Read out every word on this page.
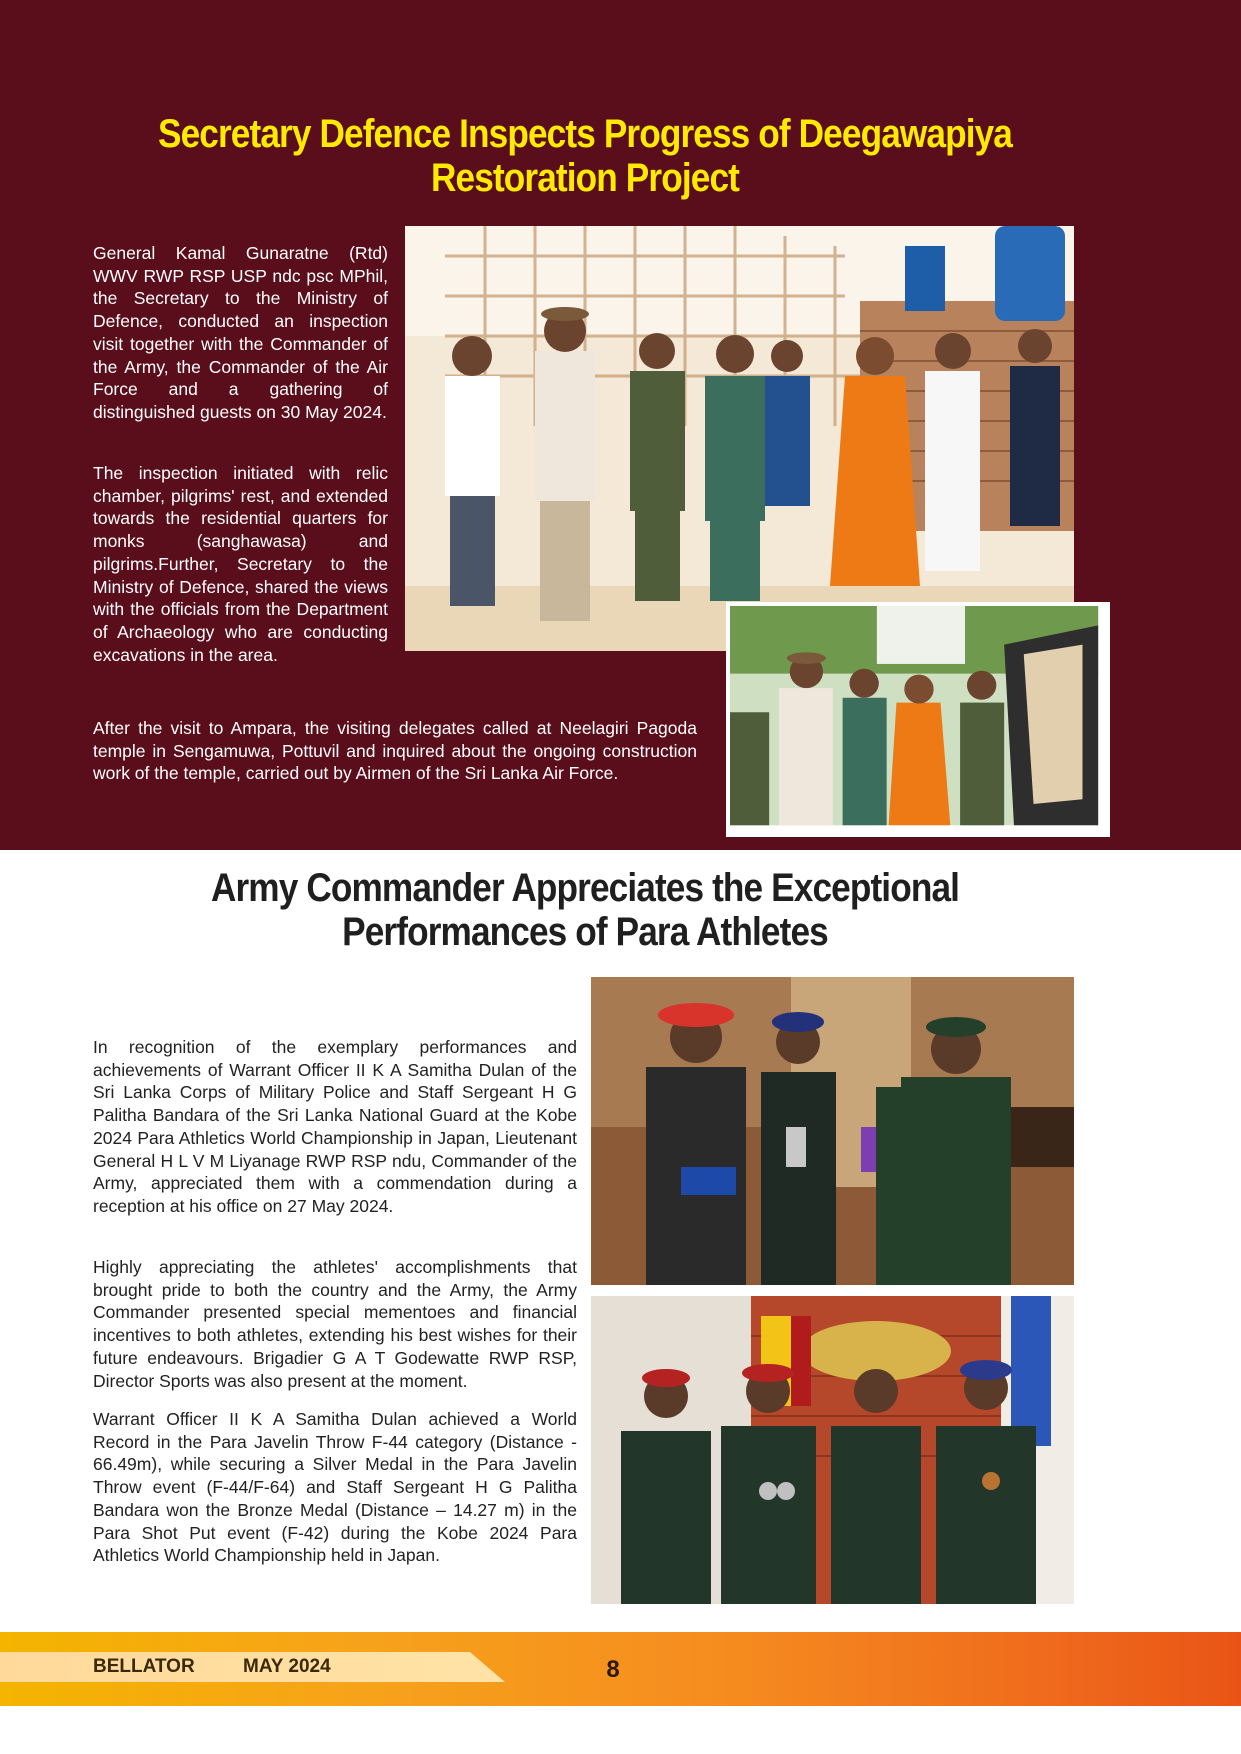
Secretary Defence Inspects Progress of Deegawapiya
Restoration Project

General Kamal Gunaratne (Rtd) WWV RWP RSP USP ndc psc MPhil, the Secretary to the Ministry of Defence, conducted an inspection visit together with the Commander of the Army, the Commander of the Air Force and a gathering of distinguished guests on 30 May 2024.

The inspection initiated with relic chamber, pilgrims' rest, and extended towards the residential quarters for monks (sanghawasa) and pilgrims.Further, Secretary to the Ministry of Defence, shared the views with the officials from the Department of Archaeology who are conducting excavations in the area.

After the visit to Ampara, the visiting delegates called at Neelagiri Pagoda temple in Sengamuwa, Pottuvil and inquired about the ongoing construction work of the temple, carried out by Airmen of the Sri Lanka Air Force.

Army Commander Appreciates the Exceptional
Performances of Para Athletes

In recognition of the exemplary performances and achievements of Warrant Officer II K A Samitha Dulan of the Sri Lanka Corps of Military Police and Staff Sergeant H G Palitha Bandara of the Sri Lanka National Guard at the Kobe 2024 Para Athletics World Championship in Japan, Lieutenant General H L V M Liyanage RWP RSP ndu, Commander of the Army, appreciated them with a commendation during a reception at his office on 27 May 2024.

Highly appreciating the athletes' accomplishments that brought pride to both the country and the Army, the Army Commander presented special mementoes and financial incentives to both athletes, extending his best wishes for their future endeavours. Brigadier G A T Godewatte RWP RSP, Director Sports was also present at the moment.

Warrant Officer II K A Samitha Dulan achieved a World Record in the Para Javelin Throw F-44 category (Distance - 66.49m), while securing a Silver Medal in the Para Javelin Throw event (F-44/F-64) and Staff Sergeant H G Palitha Bandara won the Bronze Medal (Distance – 14.27 m) in the Para Shot Put event (F-42) during the Kobe 2024 Para Athletics World Championship held in Japan.

BELLATOR	MAY 2024	8
